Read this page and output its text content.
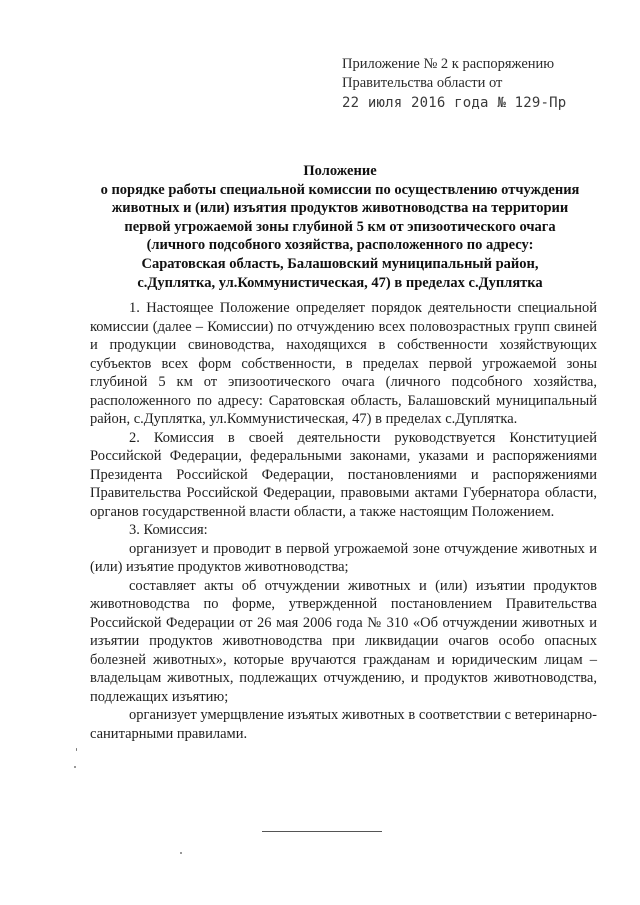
Приложение № 2 к распоряжению
Правительства области от
22 июля 2016 года № 129-Пр
Положение
о порядке работы специальной комиссии по осуществлению отчуждения
животных и (или) изъятия продуктов животноводства на территории
первой угрожаемой зоны глубиной 5 км от эпизоотического очага
(личного подсобного хозяйства, расположенного по адресу:
Саратовская область, Балашовский муниципальный район,
с.Дуплятка, ул.Коммунистическая, 47) в пределах с.Дуплятка

1. Настоящее Положение определяет порядок деятельности специальной комиссии (далее – Комиссии) по отчуждению всех половозрастных групп свиней и продукции свиноводства, находящихся в собственности хозяйствующих субъектов всех форм собственности, в пределах первой угрожаемой зоны глубиной 5 км от эпизоотического очага (личного подсобного хозяйства, расположенного по адресу: Саратовская область, Балашовский муниципальный район, с.Дуплятка, ул.Коммунистическая, 47) в пределах с.Дуплятка.

2. Комиссия в своей деятельности руководствуется Конституцией Российской Федерации, федеральными законами, указами и распоряжениями Президента Российской Федерации, постановлениями и распоряжениями Правительства Российской Федерации, правовыми актами Губернатора области, органов государственной власти области, а также настоящим Положением.

3. Комиссия:

организует и проводит в первой угрожаемой зоне отчуждение животных и (или) изъятие продуктов животноводства;

составляет акты об отчуждении животных и (или) изъятии продуктов животноводства по форме, утвержденной постановлением Правительства Российской Федерации от 26 мая 2006 года № 310 «Об отчуждении животных и изъятии продуктов животноводства при ликвидации очагов особо опасных болезней животных», которые вручаются гражданам и юридическим лицам – владельцам животных, подлежащих отчуждению, и продуктов животноводства, подлежащих изъятию;

организует умерщвление изъятых животных в соответствии с ветеринарно-санитарными правилами.
